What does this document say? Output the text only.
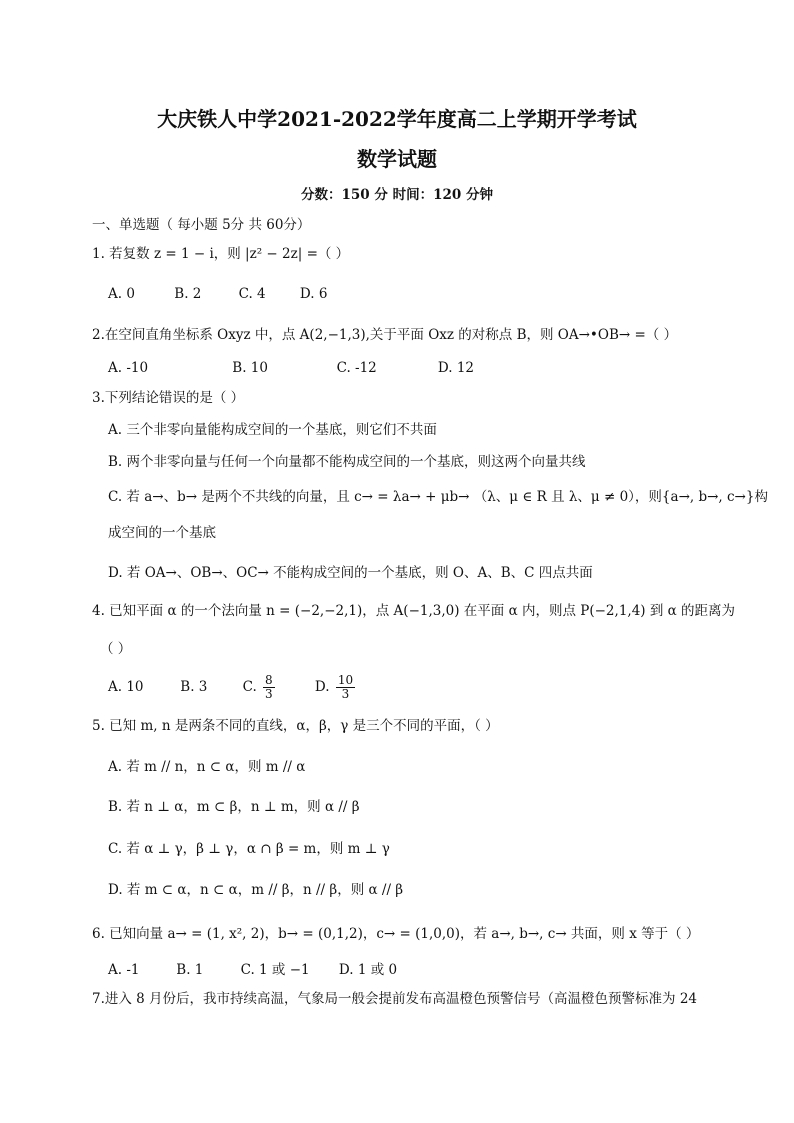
大庆铁人中学2021-2022学年度高二上学期开学考试
数学试题
分数：150 分 时间：120 分钟
一、单选题（ 每小题 5分 共 60分）
1. 若复数 z = 1 − i，则 |z² − 2z| =（ ）
A. 0	B. 2	C. 4	D. 6
2.在空间直角坐标系 Oxyz 中，点 A(2,−1,3),关于平面 Oxz 的对称点 B，则 OA→•OB→ =（ ）
A. -10	B. 10	C. -12	D. 12
3.下列结论错误的是（ ）
A. 三个非零向量能构成空间的一个基底，则它们不共面
B. 两个非零向量与任何一个向量都不能构成空间的一个基底，则这两个向量共线
C. 若 a→、b→ 是两个不共线的向量，且 c→ = λa→ + μb→ （λ、μ ∈ R 且 λ、μ ≠ 0），则{a→, b→, c→}构
成空间的一个基底
D. 若 OA→、OB→、OC→ 不能构成空间的一个基底，则 O、A、B、C 四点共面
4. 已知平面 α 的一个法向量 n = (−2,−2,1)，点 A(−1,3,0) 在平面 α 内，则点 P(−2,1,4) 到 α 的距离为
（ ）
A. 10	B. 3	C. $\frac{8}{3}$	D. $\frac{10}{3}$
5. 已知 m, n 是两条不同的直线，α，β，γ 是三个不同的平面，（ ）
A. 若 m // n，n ⊂ α，则 m // α
B. 若 n ⊥ α，m ⊂ β，n ⊥ m，则 α // β
C. 若 α ⊥ γ，β ⊥ γ，α ∩ β = m，则 m ⊥ γ
D. 若 m ⊂ α，n ⊂ α，m // β，n // β，则 α // β
6. 已知向量 a→ = (1, x², 2)，b→ = (0,1,2)，c→ = (1,0,0)，若 a→, b→, c→ 共面，则 x 等于（ ）
A. -1	B. 1	C. 1 或 −1 D. 1 或 0
7.进入 8 月份后，我市持续高温，气象局一般会提前发布高温橙色预警信号（高温橙色预警标准为 24
